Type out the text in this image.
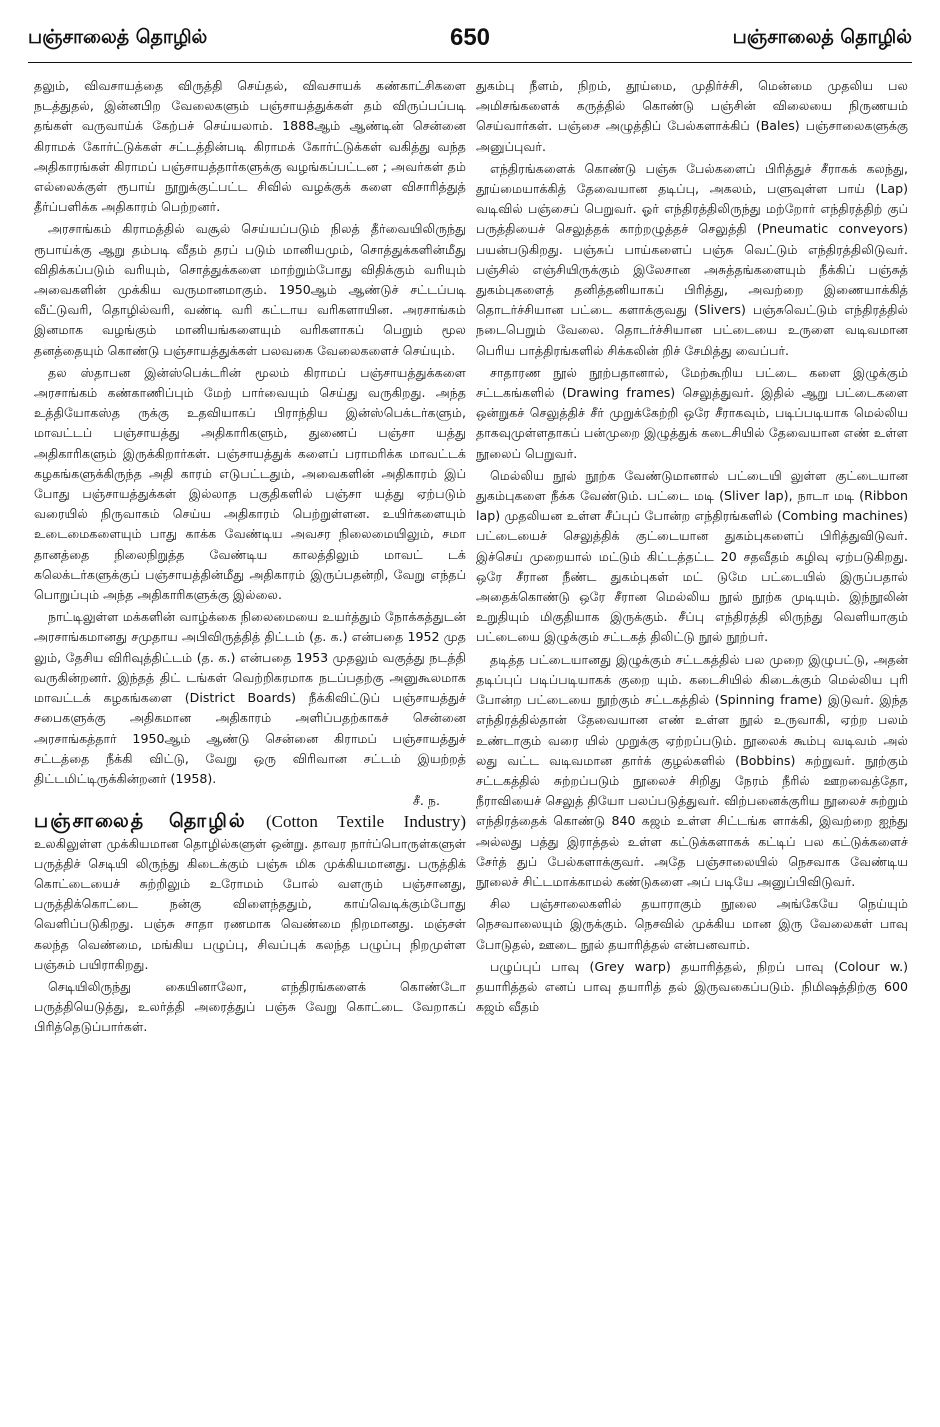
பஞ்சாலைத் தொழில்	650	பஞ்சாலைத் தொழில்

தலும், விவசாயத்தை விருத்தி செய்தல், விவசாயக் கண்காட்சிகளை நடத்துதல், இன்னபிற வேலைகளும் பஞ்சாயத்துக்கள் தம் விருப்பப்படி தங்கள் வருவாய்க் கேற்பச் செய்யலாம். 1888ஆம் ஆண்டின் சென்னை கிராமக் கோர்ட்டுக்கள் சட்டத்தின்படி கிராமக் கோர்ட்டுக்கள் வகித்து வந்த அதிகாரங்கள் கிராமப் பஞ்சாயத்தார்களுக்கு வழங்கப்பட்டன ; அவர்கள் தம் எல்லைக்குள் ரூபாய் நூறுக்குட்பட்ட சிவில் வழக்குக் களை விசாரித்துத் தீர்ப்பளிக்க அதிகாரம் பெற்றனர்.

அரசாங்கம் கிராமத்தில் வசூல் செய்யப்படும் நிலத் தீர்வையிலிருந்து ரூபாய்க்கு ஆறு தம்படி வீதம் தரப் படும் மானியமும், சொத்துக்களின்மீது விதிக்கப்படும் வரியும், சொத்துக்களை மாற்றும்போது விதிக்கும் வரியும் அவைகளின் முக்கிய வருமானமாகும். 1950ஆம் ஆண்டுச் சட்டப்படி வீட்டுவரி, தொழில்வரி, வண்டி வரி கட்டாய வரிகளாயின. அரசாங்கம் இனமாக வழங்கும் மானியங்களையும் வரிகளாகப் பெறும் மூல தனத்தையும் கொண்டு பஞ்சாயத்துக்கள் பலவகை வேலைகளைச் செய்யும்.

தல ஸ்தாபன இன்ஸ்பெக்டரின் மூலம் கிராமப் பஞ்சாயத்துக்களை அரசாங்கம் கண்காணிப்பும் மேற் பார்வையும் செய்து வருகிறது. அந்த உத்தியோகஸ்த ருக்கு உதவியாகப் பிராந்திய இன்ஸ்பெக்டர்களும், மாவட்டப் பஞ்சாயத்து அதிகாரிகளும், துணைப் பஞ்சா யத்து அதிகாரிகளும் இருக்கிறார்கள். பஞ்சாயத்துக் களைப் பராமரிக்க மாவட்டக் கழகங்களுக்கிருந்த அதி காரம் எடுபட்டதும், அவைகளின் அதிகாரம் இப் போது பஞ்சாயத்துக்கள் இல்லாத பகுதிகளில் பஞ்சா யத்து ஏற்படும் வரையில் நிருவாகம் செய்ய அதிகாரம் பெற்றுள்ளன. உயிர்களையும் உடைமைகளையும் பாது காக்க வேண்டிய அவசர நிலைமையிலும், சமா தானத்தை நிலைநிறுத்த வேண்டிய காலத்திலும் மாவட் டக் கலெக்டர்களுக்குப் பஞ்சாயத்தின்மீது அதிகாரம் இருப்பதன்றி, வேறு எந்தப் பொறுப்பும் அந்த அதிகாரிகளுக்கு இல்லை.

நாட்டிலுள்ள மக்களின் வாழ்க்கை நிலைமையை உயர்த்தும் நோக்கத்துடன் அரசாங்கமானது சமுதாய அபிவிருத்தித் திட்டம் (த. க.) என்பதை 1952 முத லும், தேசிய விரிவுத்திட்டம் (த. க.) என்பதை 1953 முதலும் வகுத்து நடத்தி வருகின்றனர். இந்தத் திட் டங்கள் வெற்றிகரமாக நடப்பதற்கு அனுகூலமாக மாவட்டக் கழகங்களை (District Boards) நீக்கிவிட்டுப் பஞ்சாயத்துச் சபைகளுக்கு அதிகமான அதிகாரம் அளிப்பதற்காகச் சென்னை அரசாங்கத்தார் 1950ஆம் ஆண்டு சென்னை கிராமப் பஞ்சாயத்துச் சட்டத்தை நீக்கி விட்டு, வேறு ஒரு விரிவான சட்டம் இயற்றத் திட்டமிட்டிருக்கின்றனர் (1958).

சீ. ந.

பஞ்சாலைத் தொழில் (Cotton Textile Industry) உலகிலுள்ள முக்கியமான தொழில்களுள் ஒன்று. தாவர நார்ப்பொருள்களுள் பருத்திச் செடியி லிருந்து கிடைக்கும் பஞ்சு மிக முக்கியமானது. பருத்திக் கொட்டையைச் சுற்றிலும் உரோமம் போல் வளரும் பஞ்சானது, பருத்திக்கொட்டை நன்கு விளைந்ததும், காய்வெடிக்கும்போது வெளிப்படுகிறது. பஞ்சு சாதா ரணமாக வெண்மை நிறமானது. மஞ்சள் கலந்த வெண்மை, மங்கிய பழுப்பு, சிவப்புக் கலந்த பழுப்பு நிறமுள்ள பஞ்சும் பயிராகிறது.

செடியிலிருந்து கையினாலோ, எந்திரங்களைக் கொண்டோ பருத்தியெடுத்து, உலர்த்தி அரைத்துப் பஞ்சு வேறு கொட்டை வேறாகப் பிரித்தெடுப்பார்கள்.

துகம்பு நீளம், நிறம், தூய்மை, முதிர்ச்சி, மென்மை முதலிய பல அமிசங்களைக் கருத்தில் கொண்டு பஞ்சின் விலையை நிருணயம் செய்வார்கள். பஞ்சை அழுத்திப் பேல்களாக்கிப் (Bales) பஞ்சாலைகளுக்கு அனுப்புவர்.

எந்திரங்களைக் கொண்டு பஞ்சு பேல்களைப் பிரித்துச் சீராகக் கலந்து, தூய்மையாக்கித் தேவையான தடிப்பு, அகலம், பளுவுள்ள பாய் (Lap) வடிவில் பஞ்சைப் பெறுவர். ஓர் எந்திரத்திலிருந்து மற்றோர் எந்திரத்திற் குப் பருத்தியைச் செலுத்தக் காற்றழுத்தச் செலுத்தி (Pneumatic conveyors) பயன்படுகிறது. பஞ்சுப் பாய்களைப் பஞ்சு வெட்டும் எந்திரத்திலிடுவர். பஞ்சில் எஞ்சியிருக்கும் இலேசான அசுத்தங்களையும் நீக்கிப் பஞ்சுத் துகம்புகளைத் தனித்தனியாகப் பிரித்து, அவற்றை இணையாக்கித் தொடர்ச்சியான பட்டை களாக்குவது (Slivers) பஞ்சுவெட்டும் எந்திரத்தில் நடைபெறும் வேலை. தொடர்ச்சியான பட்டையை உருளை வடிவமான பெரிய பாத்திரங்களில் சிக்கலின் றிச் சேமித்து வைப்பர்.

சாதாரண நூல் நூற்பதானால், மேற்கூறிய பட்டை களை இழுக்கும் சட்டகங்களில் (Drawing frames) செலுத்துவர். இதில் ஆறு பட்டைகளை ஒன்றுகச் செலுத்திச் சீர் முறுக்கேற்றி ஒரே சீராகவும், படிப்படியாக மெல்லிய தாகவுமுள்ளதாகப் பன்முறை இழுத்துக் கடைசியில் தேவையான எண் உள்ள நூலைப் பெறுவர்.

மெல்லிய நூல் நூற்க வேண்டுமானால் பட்டையி லுள்ள குட்டையான துகம்புகளை நீக்க வேண்டும். பட்டை மடி (Sliver lap), நாடா மடி (Ribbon lap) முதலியன உள்ள சீப்புப் போன்ற எந்திரங்களில் (Combing machines) பட்டையைச் செலுத்திக் குட்டையான துகம்புகளைப் பிரித்துவிடுவர். இச்செய் முறையால் மட்டும் கிட்டத்தட்ட 20 சதவீதம் கழிவு ஏற்படுகிறது. ஒரே சீரான நீண்ட துகம்புகள் மட் டுமே பட்டையில் இருப்பதால் அதைக்கொண்டு ஒரே சீரான மெல்லிய நூல் நூற்க முடியும். இந்நூலின் உறுதியும் மிகுதியாக இருக்கும். சீப்பு எந்திரத்தி லிருந்து வெளியாகும் பட்டையை இழுக்கும் சட்டகத் திலிட்டு நூல் நூற்பர்.

தடித்த பட்டையானது இழுக்கும் சட்டகத்தில் பல முறை இழுபட்டு, அதன் தடிப்புப் படிப்படியாகக் குறை யும். கடைசியில் கிடைக்கும் மெல்லிய புரி போன்ற பட்டையை நூற்கும் சட்டகத்தில் (Spinning frame) இடுவர். இந்த எந்திரத்தில்தான் தேவையான எண் உள்ள நூல் உருவாகி, ஏற்ற பலம் உண்டாகும் வரை யில் முறுக்கு ஏற்றப்படும். நூலைக் கூம்பு வடிவம் அல் லது வட்ட வடிவமான தார்க் குழல்களில் (Bobbins) சுற்றுவர். நூற்கும் சட்டகத்தில் சுற்றப்படும் நூலைச் சிறிது நேரம் நீரில் ஊறவைத்தோ, நீராவியைச் செலுத் தியோ பலப்படுத்துவர். விற்பனைக்குரிய நூலைச் சுற்றும் எந்திரத்தைக் கொண்டு 840 கஜம் உள்ள சிட்டங்க ளாக்கி, இவற்றை ஐந்து அல்லது பத்து இராத்தல் உள்ள கட்டுக்களாகக் கட்டிப் பல கட்டுக்களைச் சேர்த் துப் பேல்களாக்குவர். அதே பஞ்சாலையில் நெசவாக வேண்டிய நூலைச் சிட்டமாக்காமல் கண்டுகளை அப் படியே அனுப்பிவிடுவர்.

சில பஞ்சாலைகளில் தயாராகும் நூலை அங்கேயே நெய்யும் நெசவாலையும் இருக்கும். நெசவில் முக்கிய மான இரு வேலைகள் பாவு போடுதல், ஊடை நூல் தயாரித்தல் என்பனவாம்.

பழுப்புப் பாவு (Grey warp) தயாரித்தல், நிறப் பாவு (Colour w.) தயாரித்தல் எனப் பாவு தயாரித் தல் இருவகைப்படும். நிமிஷத்திற்கு 600 கஜம் வீதம்
